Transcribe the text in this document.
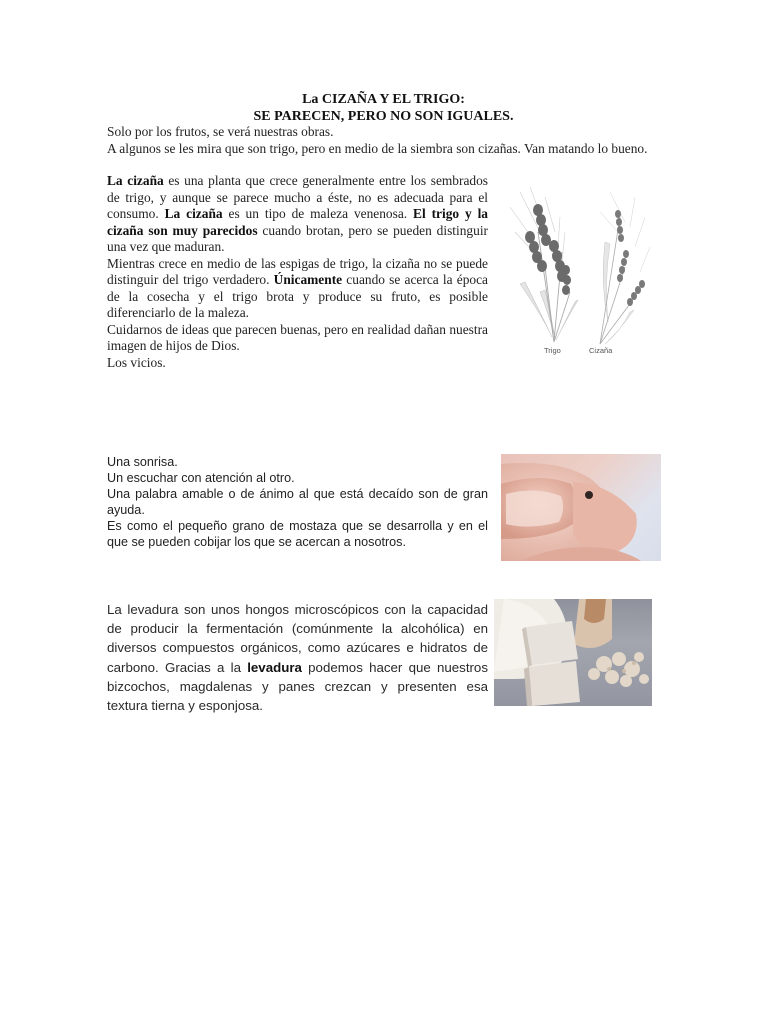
La CIZAÑA Y EL TRIGO:
SE PARECEN, PERO NO SON IGUALES.

Solo por los frutos, se verá nuestras obras.

A algunos se les mira que son trigo, pero en medio de la siembra son cizañas. Van matando lo bueno.

La cizaña es una planta que crece generalmente entre los sembrados de trigo, y aunque se parece mucho a éste, no es adecuada para el consumo. La cizaña es un tipo de maleza venenosa. El trigo y la cizaña son muy parecidos cuando brotan, pero se pueden distinguir una vez que maduran.

Mientras crece en medio de las espigas de trigo, la cizaña no se puede distinguir del trigo verdadero. Únicamente cuando se acerca la época de la cosecha y el trigo brota y produce su fruto, es posible diferenciarlo de la maleza.

Cuidarnos de ideas que parecen buenas, pero en realidad dañan nuestra imagen de hijos de Dios.

Los vicios.

Trigo	Cizaña

Una sonrisa.

Un escuchar con atención al otro.

Una palabra amable o de ánimo al que está decaído son de gran ayuda.

Es como el pequeño grano de mostaza que se desarrolla y en el que se pueden cobijar los que se acercan a nosotros.

La levadura son unos hongos microscópicos con la capacidad de producir la fermentación (comúnmente la alcohólica) en diversos compuestos orgánicos, como azúcares e hidratos de carbono. Gracias a la levadura podemos hacer que nuestros bizcochos, magdalenas y panes crezcan y presenten esa textura tierna y esponjosa.
